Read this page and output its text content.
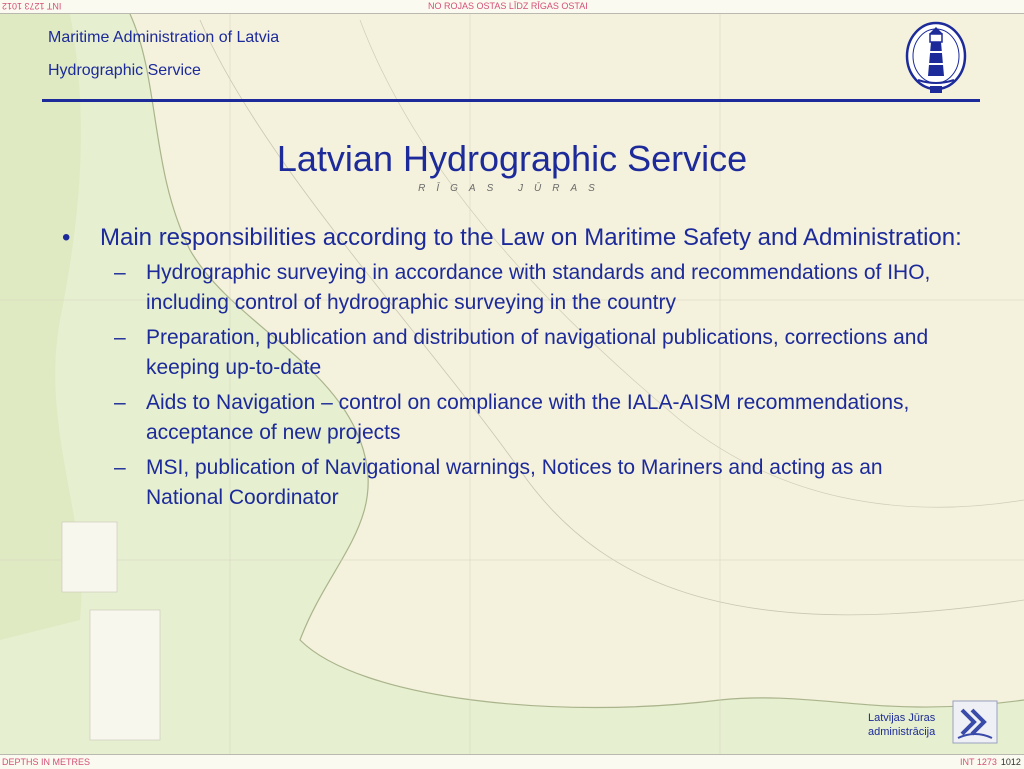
INT 1273 1012	NO ROJAS OSTAS LĪDZ RĪGAS OSTAI
Maritime Administration of Latvia
Hydrographic Service
Latvian Hydrographic Service
RĪGAS JŪRAS
• Main responsibilities according to the Law on Maritime Safety and Administration:
– Hydrographic surveying in accordance with standards and recommendations of IHO, including control of hydrographic surveying in the country
– Preparation, publication and distribution of navigational publications, corrections and keeping up-to-date
– Aids to Navigation – control on compliance with the IALA-AISM recommendations, acceptance of new projects
– MSI, publication of Navigational warnings, Notices to Mariners and acting as an National Coordinator
Latvijas Jūras
administrācija
DEPTHS IN METRES	INT 1273 1012
